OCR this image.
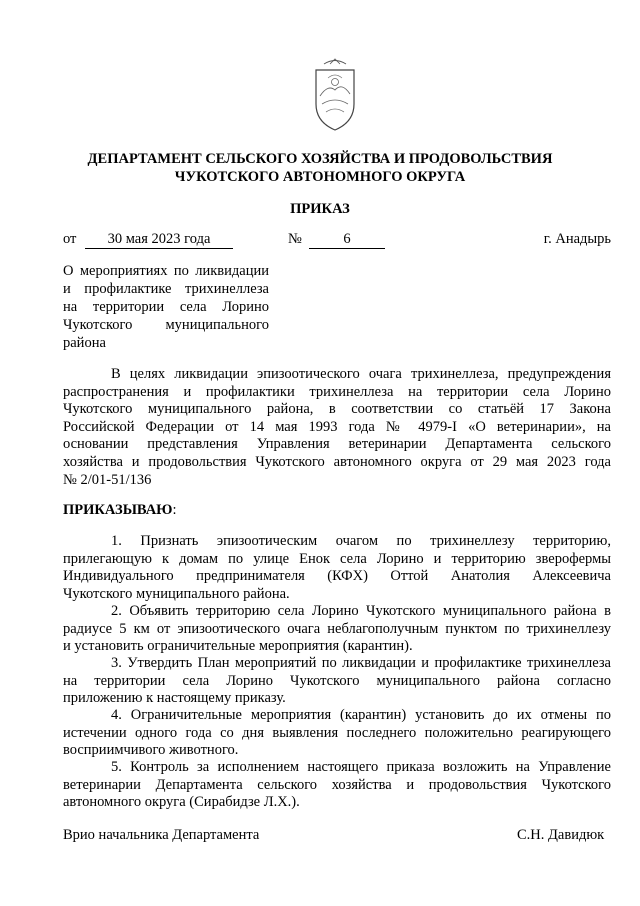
ДЕПАРТАМЕНТ СЕЛЬСКОГО ХОЗЯЙСТВА И ПРОДОВОЛЬСТВИЯ
ЧУКОТСКОГО АВТОНОМНОГО ОКРУГА
ПРИКАЗ
от	30 мая 2023 года	№	6	г. Анадырь
О мероприятиях по ликвидации
и профилактике трихинеллеза
на территории села Лорино
Чукотского муниципального
района
В целях ликвидации эпизоотического очага трихинеллеза, предупреждения
распространения и профилактики трихинеллеза на территории села Лорино
Чукотского муниципального района, в соответствии со статьёй 17 Закона
Российской Федерации от 14 мая 1993 года № 4979-I «О ветеринарии», на
основании представления Управления ветеринарии Департамента сельского
хозяйства и продовольствия Чукотского автономного округа от 29 мая 2023 года
№ 2/01-51/136
ПРИКАЗЫВАЮ:
1. Признать эпизоотическим очагом по трихинеллезу территорию,
прилегающую к домам по улице Енок села Лорино и территорию зверофермы
Индивидуального предпринимателя (КФХ) Оттой Анатолия Алексеевича
Чукотского муниципального района.
2. Объявить территорию села Лорино Чукотского муниципального района в
радиусе 5 км от эпизоотического очага неблагополучным пунктом по трихинеллезу
и установить ограничительные мероприятия (карантин).
3. Утвердить План мероприятий по ликвидации и профилактике трихинеллеза
на территории села Лорино Чукотского муниципального района согласно
приложению к настоящему приказу.
4. Ограничительные мероприятия (карантин) установить до их отмены по
истечении одного года со дня выявления последнего положительно реагирующего
восприимчивого животного.
5. Контроль за исполнением настоящего приказа возложить на Управление
ветеринарии Департамента сельского хозяйства и продовольствия Чукотского
автономного округа (Сирабидзе Л.Х.).
Врио начальника Департамента	С.Н. Давидюк
